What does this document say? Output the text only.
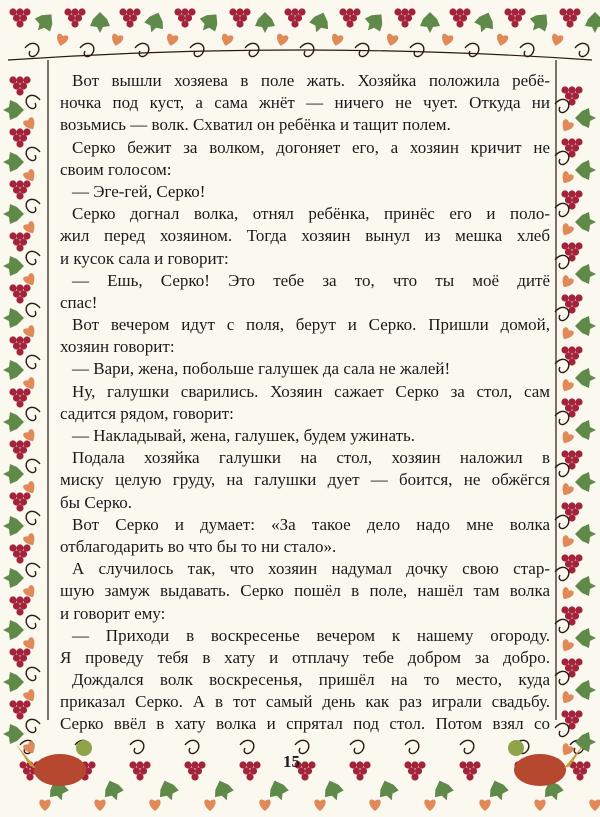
Вот вышли хозяева в поле жать. Хозяйка положила ребё-
ночка под куст, а сама жнёт — ничего не чует. Откуда ни
возьмись — волк. Схватил он ребёнка и тащит полем.
Серко бежит за волком, догоняет его, а хозяин кричит не
своим голосом:
— Эге-гей, Серко!
Серко догнал волка, отнял ребёнка, принёс его и поло-
жил перед хозяином. Тогда хозяин вынул из мешка хлеб
и кусок сала и говорит:
— Ешь, Серко! Это тебе за то, что ты моё дитё
спас!
Вот вечером идут с поля, берут и Серко. Пришли домой,
хозяин говорит:
— Вари, жена, побольше галушек да сала не жалей!
Ну, галушки сварились. Хозяин сажает Серко за стол, сам
садится рядом, говорит:
— Накладывай, жена, галушек, будем ужинать.
Подала хозяйка галушки на стол, хозяин наложил в
миску целую груду, на галушки дует — боится, не обжёгся
бы Серко.
Вот Серко и думает: «За такое дело надо мне волка
отблагодарить во что бы то ни стало».
А случилось так, что хозяин надумал дочку свою стар-
шую замуж выдавать. Серко пошёл в поле, нашёл там волка
и говорит ему:
— Приходи в воскресенье вечером к нашему огороду.
Я проведу тебя в хату и отплачу тебе добром за добро.
Дождался волк воскресенья, пришёл на то место, куда
приказал Серко. А в тот самый день как раз играли свадьбу.
Серко ввёл в хату волка и спрятал под стол. Потом взял со
15
